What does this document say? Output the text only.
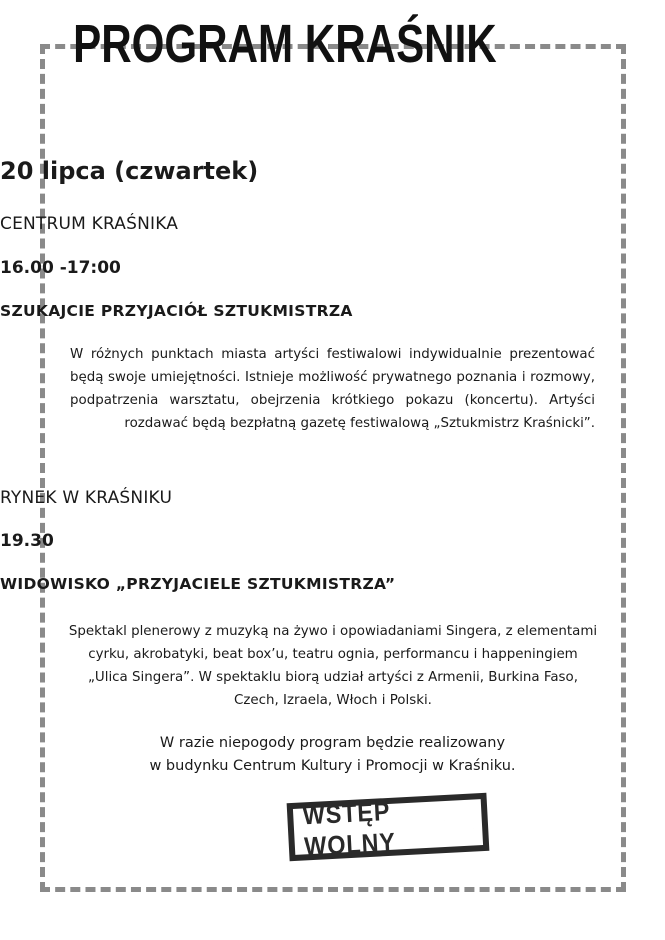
PROGRAM KRAŚNIK
20 lipca (czwartek)
CENTRUM KRAŚNIKA
16.00 -17:00
SZUKAJCIE PRZYJACIÓŁ SZTUKMISTRZA
W różnych punktach miasta artyści festiwalowi indywidualnie prezentować będą swoje umiejętności. Istnieje możliwość prywatnego poznania i rozmowy, podpatrzenia warsztatu, obejrzenia krótkiego pokazu (koncertu). Artyści rozdawać będą bezpłatną gazetę festiwalową „Sztukmistrz Kraśnicki”.
RYNEK W KRAŚNIKU
19.30
WIDOWISKO „PRZYJACIELE SZTUKMISTRZA”
Spektakl plenerowy z muzyką na żywo i opowiadaniami Singera, z elementami cyrku, akrobatyki, beat box’u, teatru ognia, performancu i happeningiem „Ulica Singera”. W spektaklu biorą udział artyści z Armenii, Burkina Faso, Czech, Izraela, Włoch i Polski.
W razie niepogody program będzie realizowany
w budynku Centrum Kultury i Promocji w Kraśniku.
WSTĘP WOLNY
